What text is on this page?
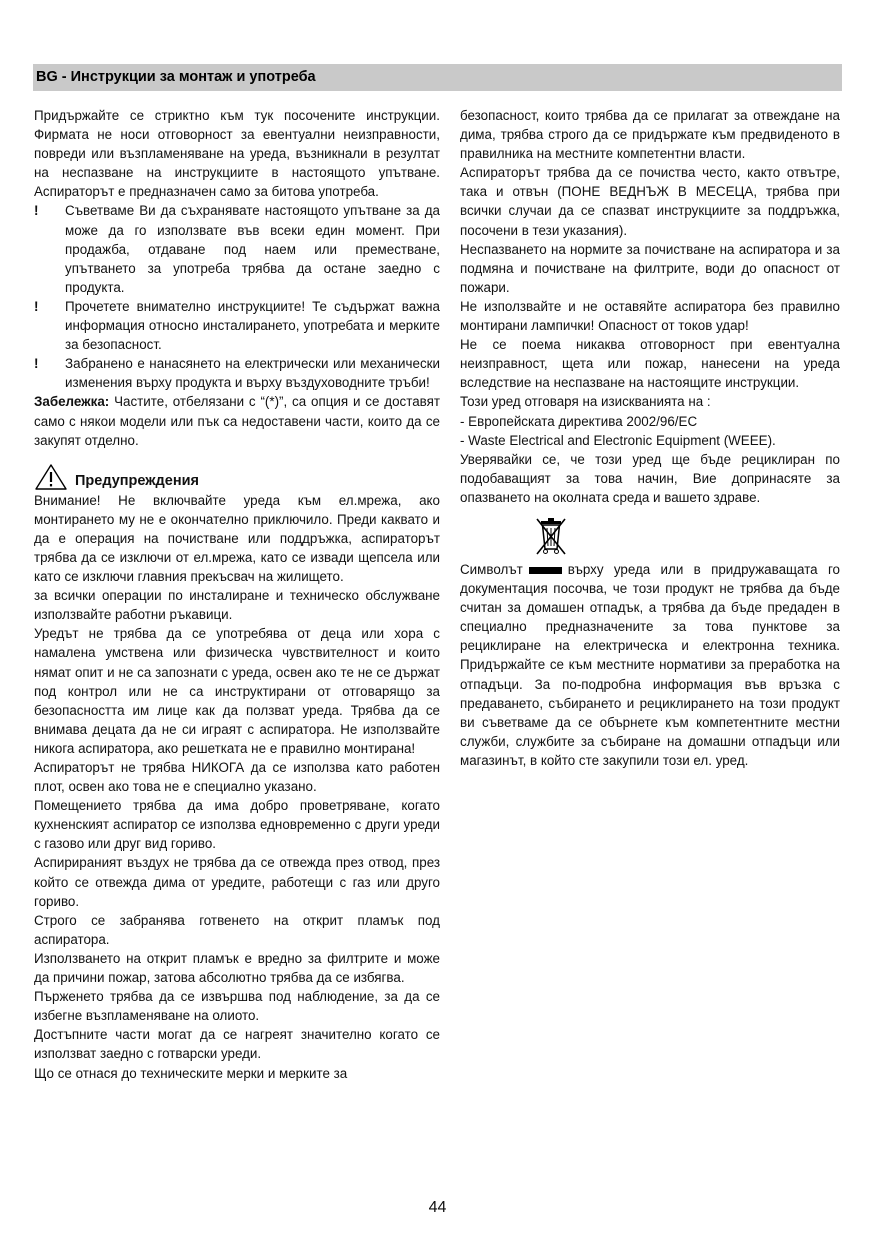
BG - Инструкции за монтаж и употреба

Придържайте се стриктно към тук посочените инструкции. Фирмата не носи отговорност за евентуални неизправности, повреди или възпламеняване на уреда, възникнали в резултат на неспазване на инструкциите в настоящото упътване. Аспираторът е предназначен само за битова употреба.

!	Съветваме Ви да съхранявате настоящото упътване за да може да го използвате във всеки един момент. При продажба, отдаване под наем или преместване, упътването за употреба трябва да остане заедно с продукта.
!	Прочетете внимателно инструкциите! Те съдържат важна информация относно инсталирането, употребата и мерките за безопасност.
!	Забранено е нанасянето на електрически или механически изменения върху продукта и върху въздуховодните тръби!

Забележка: Частите, отбелязани с “(*)”, са опция и се доставят само с някои модели или пък са недоставени части, които да се закупят отделно.

Предупреждения

Внимание! Не включвайте уреда към ел.мрежа, ако монтирането му не е окончателно приключило. Преди каквато и да е операция на почистване или поддръжка, аспираторът трябва да се изключи от ел.мрежа, като се извади щепсела или като се изключи главния прекъсвач на жилището.

за всички операции по инсталиране и техническо обслужване използвайте работни ръкавици.

Уредът не трябва да се употребява от деца или хора с намалена умствена или физическа чувствителност и които нямат опит и не са запознати с уреда, освен ако те не се държат под контрол или не са инструктирани от отговарящо за безопасността им лице как да ползват уреда. Трябва да се внимава децата да не си играят с аспиратора. Не използвайте никога аспиратора, ако решетката не е правилно монтирана!

Аспираторът не трябва НИКОГА да се използва като работен плот, освен ако това не е специално указано.

Помещението трябва да има добро проветряване, когато кухненският аспиратор се използва едновременно с други уреди с газово или друг вид гориво.

Аспирираният въздух не трябва да се отвежда през отвод, през който се отвежда дима от уредите, работещи с газ или друго гориво.

Строго се забранява готвенето на открит пламък под аспиратора.

Използването на открит пламък е вредно за филтрите и може да причини пожар, затова абсолютно трябва да се избягва.

Пърженето трябва да се извършва под наблюдение, за да се избегне възпламеняване на олиото.

Достъпните части могат да се нагреят значително когато се използват заедно с готварски уреди.

Що се отнася до техническите мерки и мерките за

безопасност, които трябва да се прилагат за отвеждане на дима, трябва строго да се придържате към предвиденото в правилника на местните компетентни власти.

Аспираторът трябва да се почиства често, както отвътре, така и отвън (ПОНЕ ВЕДНЪЖ В МЕСЕЦА, трябва при всички случаи да се спазват инструкциите за поддръжка, посочени в тези указания).

Неспазването на нормите за почистване на аспиратора и за подмяна и почистване на филтрите, води до опасност от пожари.

Не използвайте и не оставяйте аспиратора без правилно монтирани лампички! Опасност от токов удар!

Не се поема никаква отговорност при евентуална неизправност, щета или пожар, нанесени на уреда вследствие на неспазване на настоящите инструкции.

Този уред отговаря на изискванията на :

- Европейската директива 2002/96/EC

- Waste Electrical and Electronic Equipment (WEEE).

Уверявайки се, че този уред ще бъде рециклиран по подобаващият за това начин, Вие допринасяте за опазването на околната среда и вашето здраве.

Символът	върху уреда или в придружаващата го документация посочва, че този продукт не трябва да бъде считан за домашен отпадък, а трябва да бъде предаден в специално предназначените за това пунктове за рециклиране на електрическа и електронна техника. Придържайте се към местните нормативи за преработка на отпадъци. За по-подробна информация във връзка с предаването, събирането и рециклирането на този продукт ви съветваме да се обърнете към компетентните местни служби, службите за събиране на домашни отпадъци или магазинът, в който сте закупили този ел. уред.

44
